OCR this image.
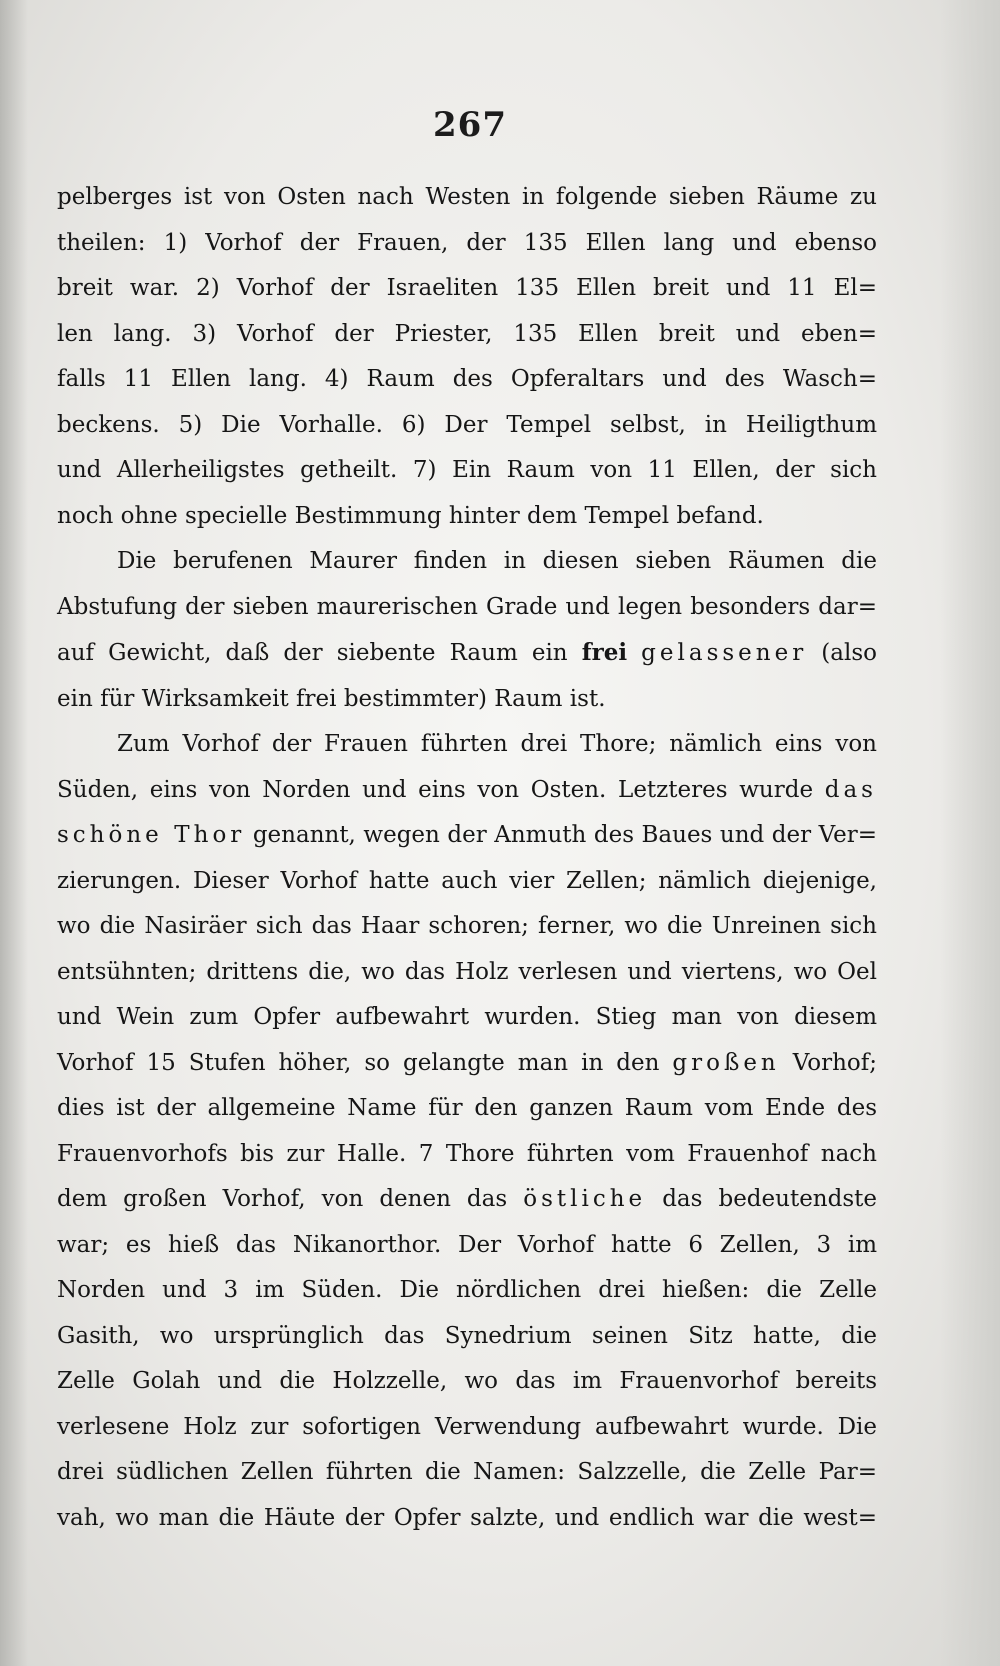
267
pelberges ist von Osten nach Westen in folgende sieben Räume zu
theilen: 1) Vorhof der Frauen, der 135 Ellen lang und ebenso
breit war. 2) Vorhof der Israeliten 135 Ellen breit und 11 El=
len lang. 3) Vorhof der Priester, 135 Ellen breit und eben=
falls 11 Ellen lang. 4) Raum des Opferaltars und des Wasch=
beckens. 5) Die Vorhalle. 6) Der Tempel selbst, in Heiligthum
und Allerheiligstes getheilt. 7) Ein Raum von 11 Ellen, der sich
noch ohne specielle Bestimmung hinter dem Tempel befand.
Die berufenen Maurer finden in diesen sieben Räumen die
Abstufung der sieben maurerischen Grade und legen besonders dar=
auf Gewicht, daß der siebente Raum ein frei gelassener (also
ein für Wirksamkeit frei bestimmter) Raum ist.
Zum Vorhof der Frauen führten drei Thore; nämlich eins von
Süden, eins von Norden und eins von Osten. Letzteres wurde das
schöne Thor genannt, wegen der Anmuth des Baues und der Ver=
zierungen. Dieser Vorhof hatte auch vier Zellen; nämlich diejenige,
wo die Nasiräer sich das Haar schoren; ferner, wo die Unreinen sich
entsühnten; drittens die, wo das Holz verlesen und viertens, wo Oel
und Wein zum Opfer aufbewahrt wurden. Stieg man von diesem
Vorhof 15 Stufen höher, so gelangte man in den großen Vorhof;
dies ist der allgemeine Name für den ganzen Raum vom Ende des
Frauenvorhofs bis zur Halle. 7 Thore führten vom Frauenhof nach
dem großen Vorhof, von denen das östliche das bedeutendste
war; es hieß das Nikanorthor. Der Vorhof hatte 6 Zellen, 3 im
Norden und 3 im Süden. Die nördlichen drei hießen: die Zelle
Gasith, wo ursprünglich das Synedrium seinen Sitz hatte, die
Zelle Golah und die Holzzelle, wo das im Frauenvorhof bereits
verlesene Holz zur sofortigen Verwendung aufbewahrt wurde. Die
drei südlichen Zellen führten die Namen: Salzzelle, die Zelle Par=
vah, wo man die Häute der Opfer salzte, und endlich war die west=
